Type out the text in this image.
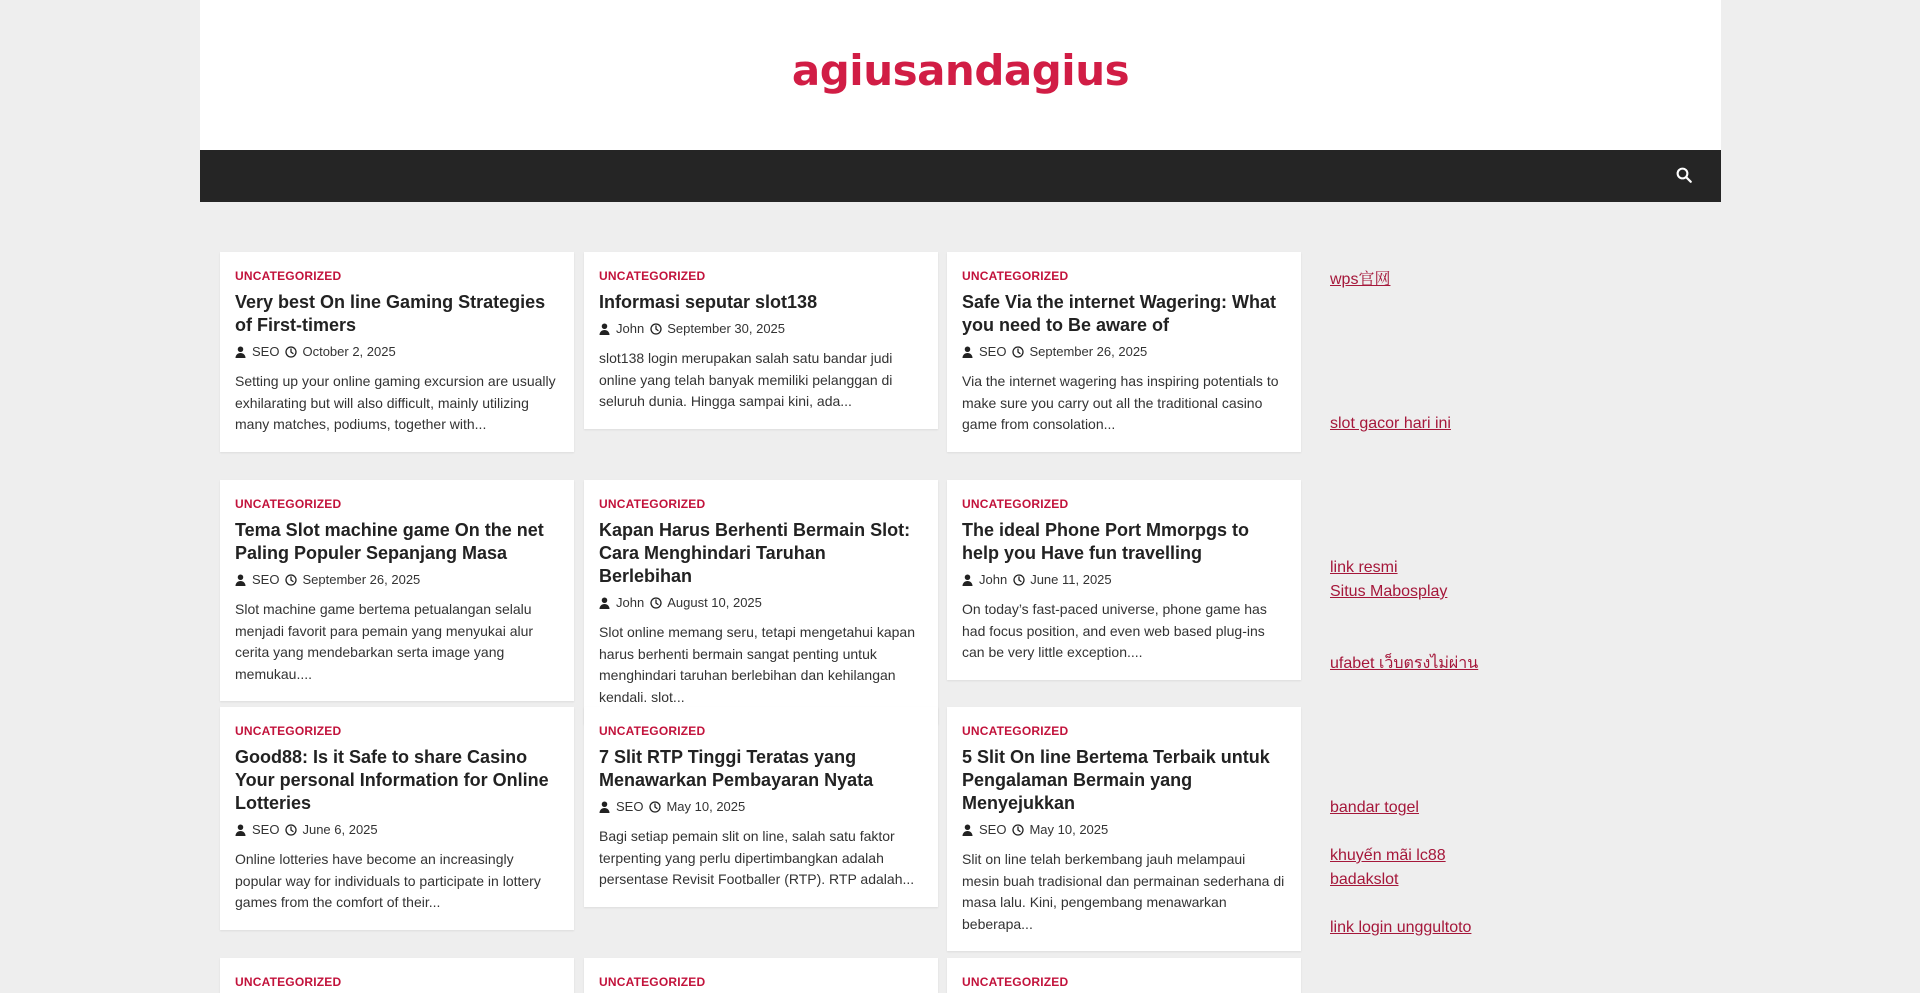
agiusandagius
UNCATEGORIZED
Very best On line Gaming Strategies of First-timers
SEO October 2, 2025

Setting up your online gaming excursion are usually exhilarating but will also difficult, mainly utilizing many matches, podiums, together with...

UNCATEGORIZED
Informasi seputar slot138
John September 30, 2025

slot138 login merupakan salah satu bandar judi online yang telah banyak memiliki pelanggan di seluruh dunia. Hingga sampai kini, ada...

UNCATEGORIZED
Safe Via the internet Wagering: What you need to Be aware of
SEO September 26, 2025

Via the internet wagering has inspiring potentials to make sure you carry out all the traditional casino game from consolation...

UNCATEGORIZED
Tema Slot machine game On the net Paling Populer Sepanjang Masa
SEO September 26, 2025

Slot machine game bertema petualangan selalu menjadi favorit para pemain yang menyukai alur cerita yang mendebarkan serta image yang memukau....

UNCATEGORIZED
Kapan Harus Berhenti Bermain Slot: Cara Menghindari Taruhan Berlebihan
John August 10, 2025

Slot online memang seru, tetapi mengetahui kapan harus berhenti bermain sangat penting untuk menghindari taruhan berlebihan dan kehilangan kendali. slot...

UNCATEGORIZED
The ideal Phone Port Mmorpgs to help you Have fun travelling
John June 11, 2025

On today’s fast-paced universe, phone game has had focus position, and even web based plug-ins can be very little exception....

UNCATEGORIZED
Good88: Is it Safe to share Casino Your personal Information for Online Lotteries
SEO June 6, 2025

Online lotteries have become an increasingly popular way for individuals to participate in lottery games from the comfort of their...

UNCATEGORIZED
7 Slit RTP Tinggi Teratas yang Menawarkan Pembayaran Nyata
SEO May 10, 2025

Bagi setiap pemain slit on line, salah satu faktor terpenting yang perlu dipertimbangkan adalah persentase Revisit Footballer (RTP). RTP adalah...

UNCATEGORIZED
5 Slit On line Bertema Terbaik untuk Pengalaman Bermain yang Menyejukkan
SEO May 10, 2025

Slit on line telah berkembang jauh melampaui mesin buah tradisional dan permainan sederhana di masa lalu. Kini, pengembang menawarkan beberapa...

UNCATEGORIZED	UNCATEGORIZED	UNCATEGORIZED
wps官网
slot gacor hari ini
link resmi
Situs Mabosplay
ufabet เว็บตรงไม่ผ่าน
bandar togel
khuyến mãi lc88
badakslot
link login unggultoto
